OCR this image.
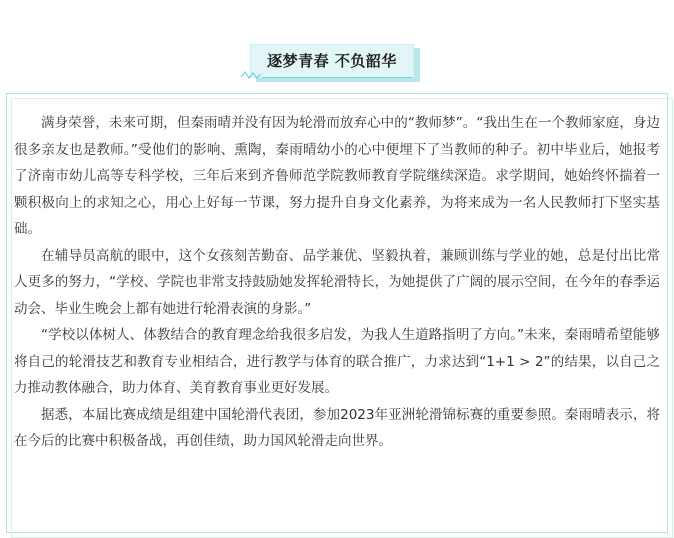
逐梦青春 不负韶华

满身荣誉，未来可期，但秦雨晴并没有因为轮滑而放弃心中的“教师梦”。“我出生在一个教师家庭，身边很多亲友也是教师。”受他们的影响、熏陶，秦雨晴幼小的心中便埋下了当教师的种子。初中毕业后，她报考了济南市幼儿高等专科学校，三年后来到齐鲁师范学院教师教育学院继续深造。求学期间，她始终怀揣着一颗积极向上的求知之心，用心上好每一节课，努力提升自身文化素养，为将来成为一名人民教师打下坚实基础。

在辅导员高航的眼中，这个女孩刻苦勤奋、品学兼优、坚毅执着，兼顾训练与学业的她，总是付出比常人更多的努力，“学校、学院也非常支持鼓励她发挥轮滑特长，为她提供了广阔的展示空间，在今年的春季运动会、毕业生晚会上都有她进行轮滑表演的身影。”

“学校以体树人、体教结合的教育理念给我很多启发，为我人生道路指明了方向。”未来，秦雨晴希望能够将自己的轮滑技艺和教育专业相结合，进行教学与体育的联合推广，力求达到“1+1 > 2”的结果，以自己之力推动教体融合，助力体育、美育教育事业更好发展。

据悉，本届比赛成绩是组建中国轮滑代表团，参加2023年亚洲轮滑锦标赛的重要参照。秦雨晴表示，将在今后的比赛中积极备战，再创佳绩，助力国风轮滑走向世界。
